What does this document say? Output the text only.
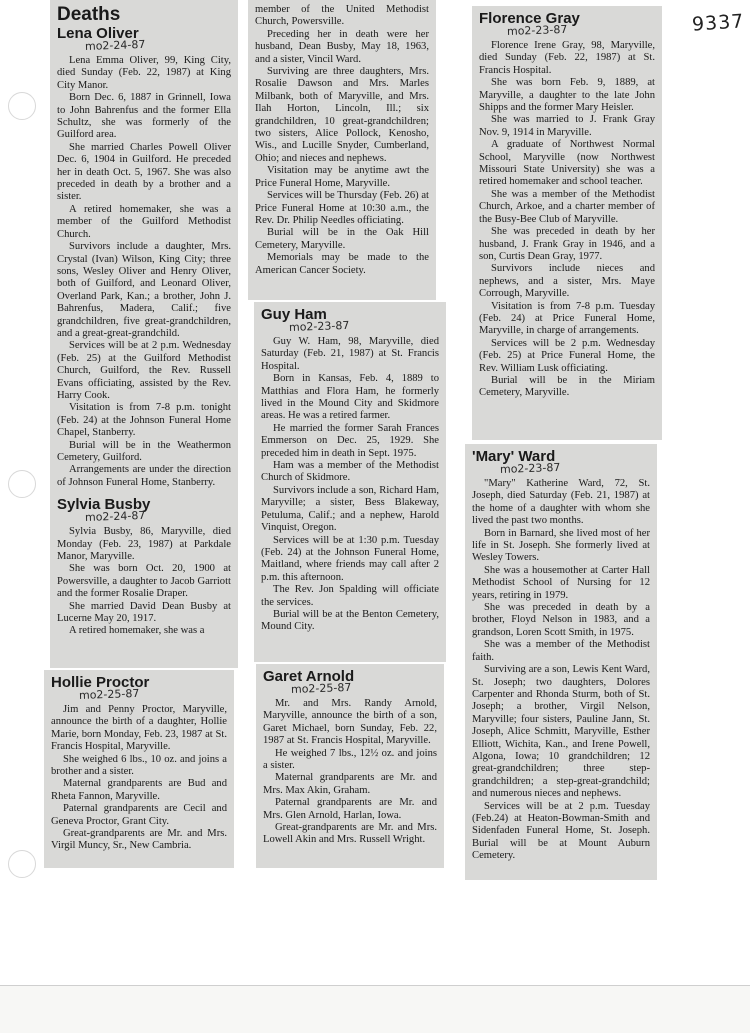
9337
Deaths
Lena Oliver
mo2-24-87

Lena Emma Oliver, 99, King City, died Sunday (Feb. 22, 1987) at King City Manor.

Born Dec. 6, 1887 in Grinnell, Iowa to John Bahrenfus and the former Ella Schultz, she was formerly of the Guilford area.

She married Charles Powell Oliver Dec. 6, 1904 in Guilford. He preceded her in death Oct. 5, 1967. She was also preceded in death by a brother and a sister.

A retired homemaker, she was a member of the Guilford Methodist Church.

Survivors include a daughter, Mrs. Crystal (Ivan) Wilson, King City; three sons, Wesley Oliver and Henry Oliver, both of Guilford, and Leonard Oliver, Overland Park, Kan.; a brother, John J. Bahrenfus, Madera, Calif.; five grandchildren, five great-grandchildren, and a great-great-grandchild.

Services will be at 2 p.m. Wednesday (Feb. 25) at the Guilford Methodist Church, Guilford, the Rev. Russell Evans officiating, assisted by the Rev. Harry Cook.

Visitation is from 7-8 p.m. tonight (Feb. 24) at the Johnson Funeral Home Chapel, Stanberry.

Burial will be in the Weathermon Cemetery, Guilford.

Arrangements are under the direction of Johnson Funeral Home, Stanberry.

Sylvia Busby
mo2-24-87

Sylvia Busby, 86, Maryville, died Monday (Feb. 23, 1987) at Parkdale Manor, Maryville.

She was born Oct. 20, 1900 at Powersville, a daughter to Jacob Garriott and the former Rosalie Draper.

She married David Dean Busby at Lucerne May 20, 1917.

A retired homemaker, she was a

Hollie Proctor
mo2-25-87

Jim and Penny Proctor, Maryville, announce the birth of a daughter, Hollie Marie, born Monday, Feb. 23, 1987 at St. Francis Hospital, Maryville.

She weighed 6 lbs., 10 oz. and joins a brother and a sister.

Maternal grandparents are Bud and Rheta Fannon, Maryville.

Paternal grandparents are Cecil and Geneva Proctor, Grant City.

Great-grandparents are Mr. and Mrs. Virgil Muncy, Sr., New Cambria.

member of the United Methodist Church, Powersville.

Preceding her in death were her husband, Dean Busby, May 18, 1963, and a sister, Vincil Ward.

Surviving are three daughters, Mrs. Rosalie Dawson and Mrs. Marles Milbank, both of Maryville, and Mrs. Ilah Horton, Lincoln, Ill.; six grandchildren, 10 great-grandchildren; two sisters, Alice Pollock, Kenosho, Wis., and Lucille Snyder, Cumberland, Ohio; and nieces and nephews.

Visitation may be anytime awt the Price Funeral Home, Maryville.

Services will be Thursday (Feb. 26) at Price Funeral Home at 10:30 a.m., the Rev. Dr. Philip Needles officiating.

Burial will be in the Oak Hill Cemetery, Maryville.

Memorials may be made to the American Cancer Society.

Guy Ham
mo2-23-87

Guy W. Ham, 98, Maryville, died Saturday (Feb. 21, 1987) at St. Francis Hospital.

Born in Kansas, Feb. 4, 1889 to Matthias and Flora Ham, he formerly lived in the Mound City and Skidmore areas. He was a retired farmer.

He married the former Sarah Frances Emmerson on Dec. 25, 1929. She preceded him in death in Sept. 1975.

Ham was a member of the Methodist Church of Skidmore.

Survivors include a son, Richard Ham, Maryville; a sister, Bess Blakeway, Petuluma, Calif.; and a nephew, Harold Vinquist, Oregon.

Services will be at 1:30 p.m. Tuesday (Feb. 24) at the Johnson Funeral Home, Maitland, where friends may call after 2 p.m. this afternoon.

The Rev. Jon Spalding will officiate the services.

Burial will be at the Benton Cemetery, Mound City.

Garet Arnold
mo2-25-87

Mr. and Mrs. Randy Arnold, Maryville, announce the birth of a son, Garet Michael, born Sunday, Feb. 22, 1987 at St. Francis Hospital, Maryville.

He weighed 7 lbs., 12½ oz. and joins a sister.

Maternal grandparents are Mr. and Mrs. Max Akin, Graham.

Paternal grandparents are Mr. and Mrs. Glen Arnold, Harlan, Iowa.

Great-grandparents are Mr. and Mrs. Lowell Akin and Mrs. Russell Wright.

Florence Gray
mo2-23-87

Florence Irene Gray, 98, Maryville, died Sunday (Feb. 22, 1987) at St. Francis Hospital.

She was born Feb. 9, 1889, at Maryville, a daughter to the late John Shipps and the former Mary Heisler.

She was married to J. Frank Gray Nov. 9, 1914 in Maryville.

A graduate of Northwest Normal School, Maryville (now Northwest Missouri State University) she was a retired homemaker and school teacher.

She was a member of the Methodist Church, Arkoe, and a charter member of the Busy-Bee Club of Maryville.

She was preceded in death by her husband, J. Frank Gray in 1946, and a son, Curtis Dean Gray, 1977.

Survivors include nieces and nephews, and a sister, Mrs. Maye Corrough, Maryville.

Visitation is from 7-8 p.m. Tuesday (Feb. 24) at Price Funeral Home, Maryville, in charge of arrangements.

Services will be 2 p.m. Wednesday (Feb. 25) at Price Funeral Home, the Rev. William Lusk officiating.

Burial will be in the Miriam Cemetery, Maryville.

'Mary' Ward
mo2-23-87

"Mary" Katherine Ward, 72, St. Joseph, died Saturday (Feb. 21, 1987) at the home of a daughter with whom she lived the past two months.

Born in Barnard, she lived most of her life in St. Joseph. She formerly lived at Wesley Towers.

She was a housemother at Carter Hall Methodist School of Nursing for 12 years, retiring in 1979.

She was preceded in death by a brother, Floyd Nelson in 1983, and a grandson, Loren Scott Smith, in 1975.

She was a member of the Methodist faith.

Surviving are a son, Lewis Kent Ward, St. Joseph; two daughters, Dolores Carpenter and Rhonda Sturm, both of St. Joseph; a brother, Virgil Nelson, Maryville; four sisters, Pauline Jann, St. Joseph, Alice Schmitt, Maryville, Esther Elliott, Wichita, Kan., and Irene Powell, Algona, Iowa; 10 grandchildren; 12 great-grandchildren; three step-grandchildren; a step-great-grandchild; and numerous nieces and nephews.

Services will be at 2 p.m. Tuesday (Feb.24) at Heaton-Bowman-Smith and Sidenfaden Funeral Home, St. Joseph. Burial will be at Mount Auburn Cemetery.
